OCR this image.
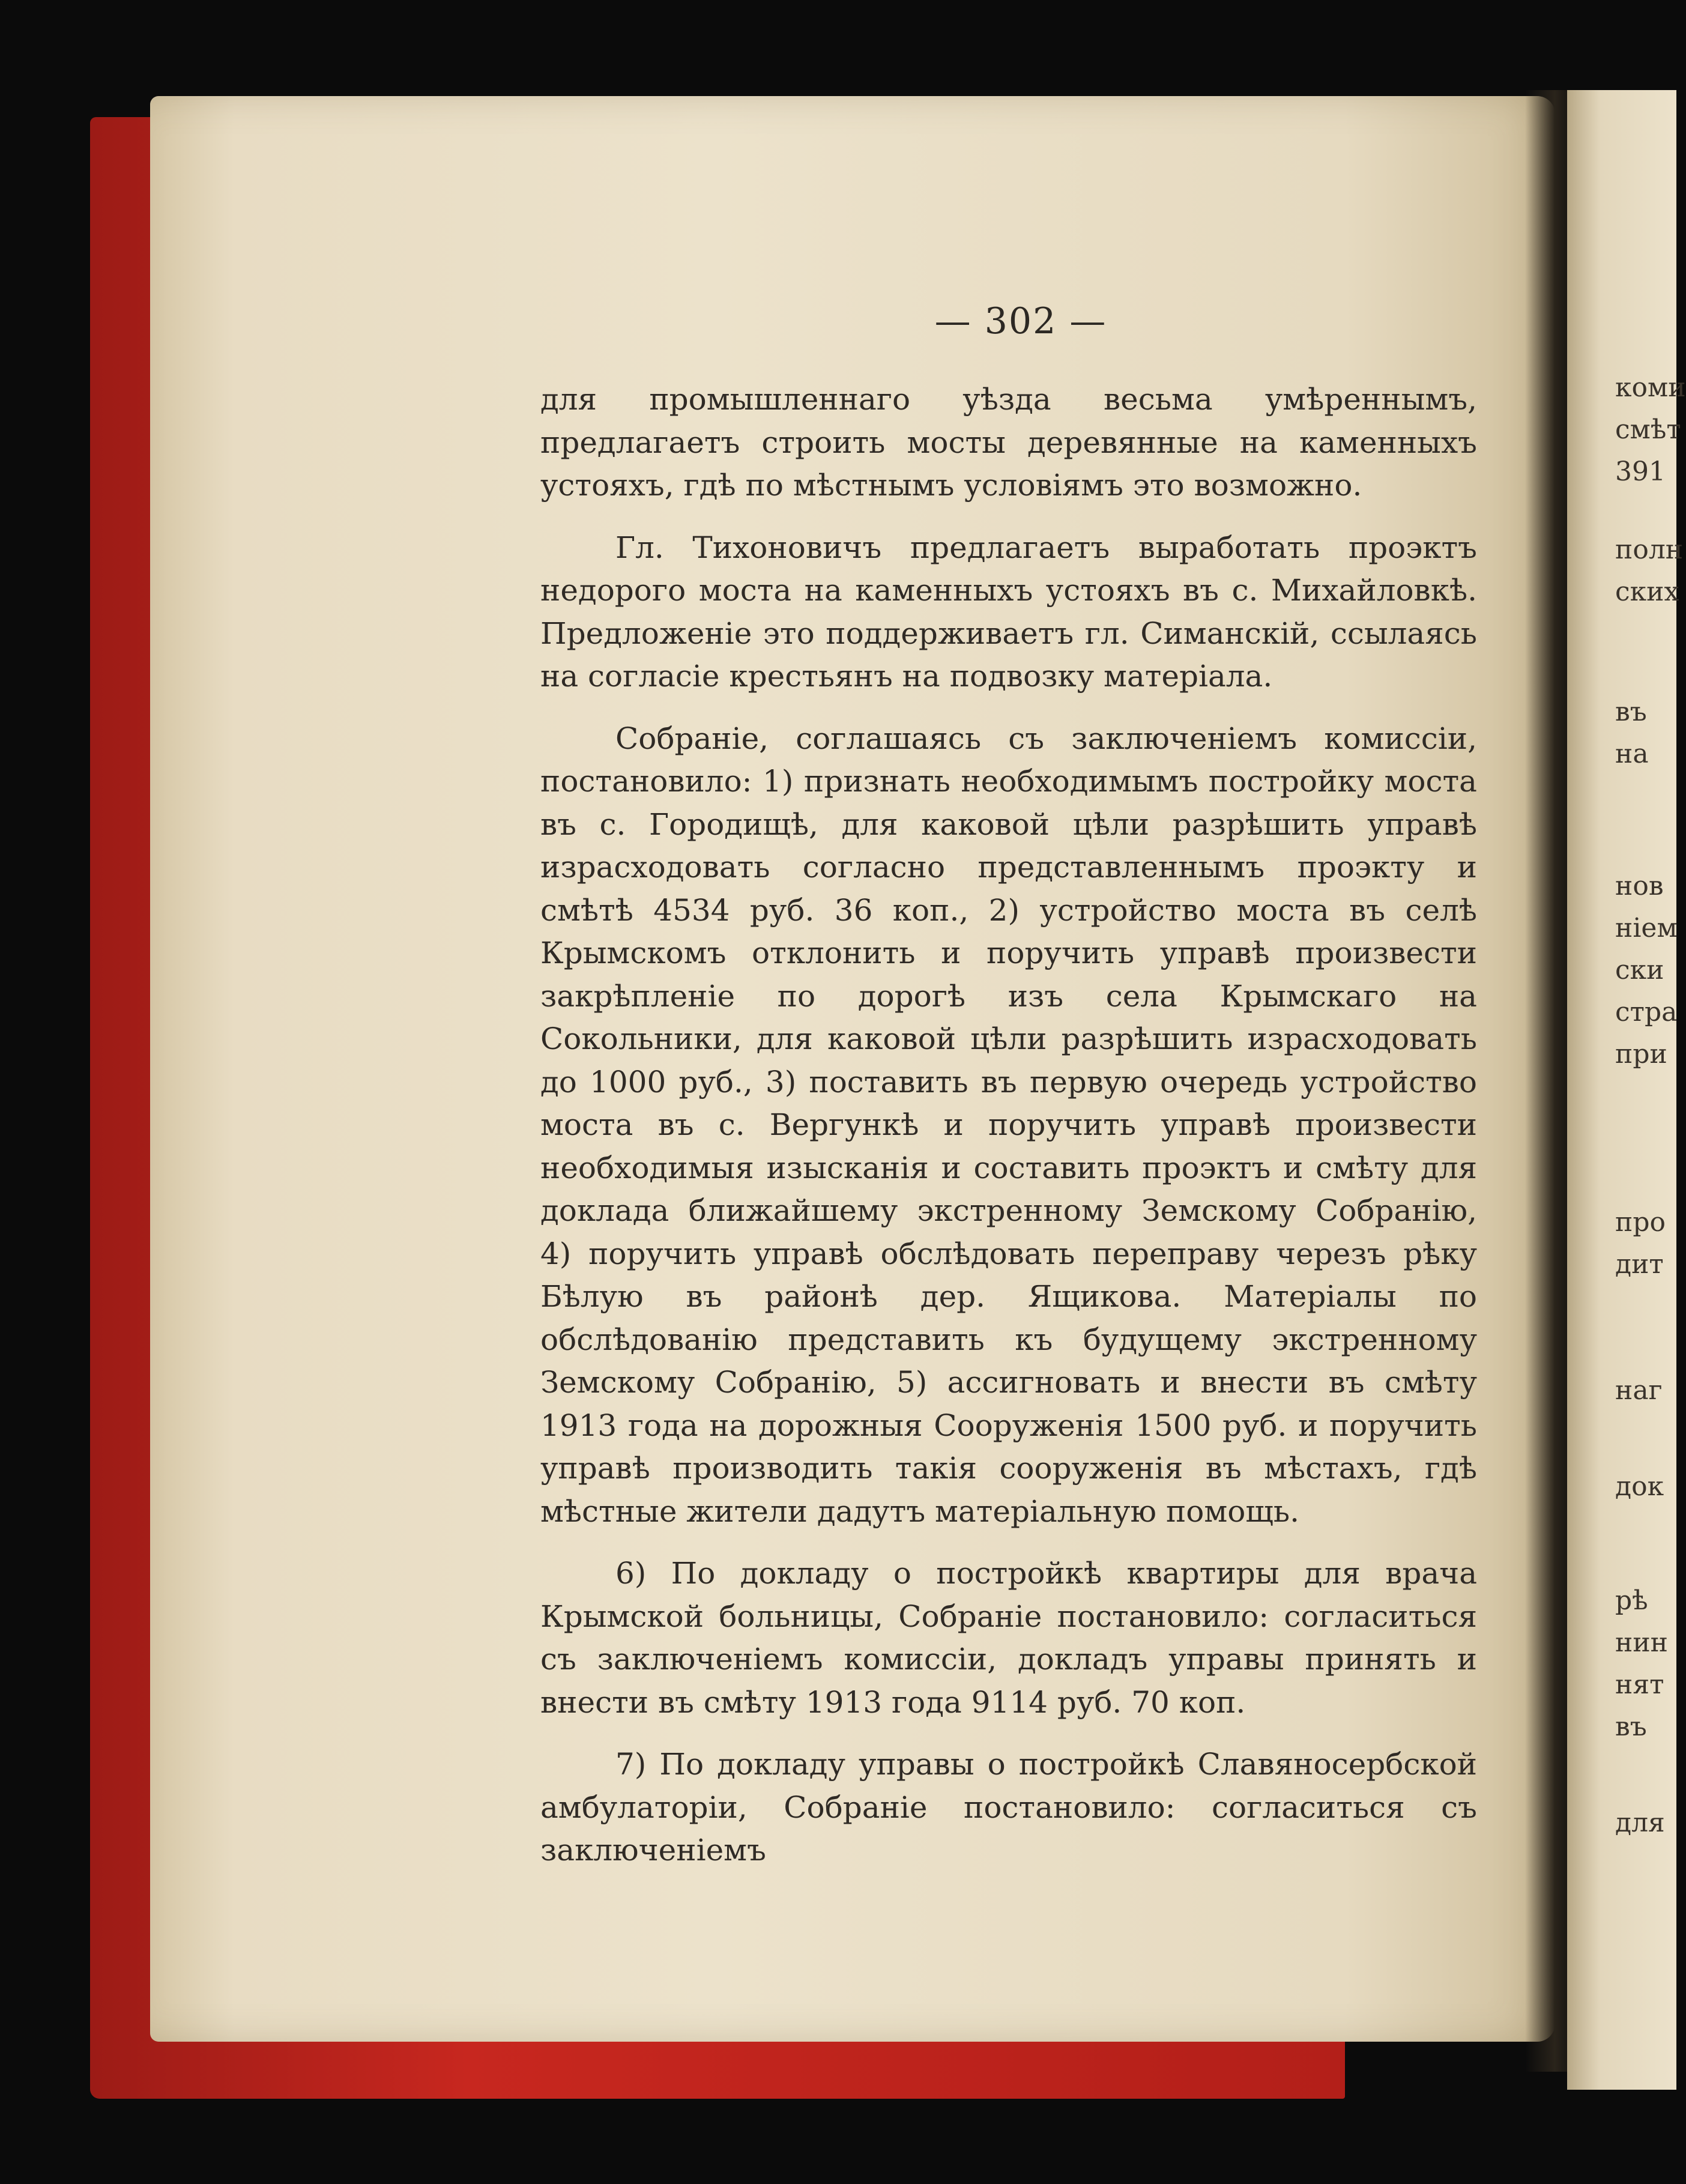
коми
смѣт
391
полн
ских
въ
на
нов
ніем
ски
стра
при
про
дит
наг
док
рѣ
нин
нят
въ
для
— 302 —

для промышленнаго уѣзда весьма умѣреннымъ, предлагаетъ строить мосты деревянные на каменныхъ устояхъ, гдѣ по мѣстнымъ условіямъ это возможно.

Гл. Тихоновичъ предлагаетъ выработать проэктъ недорого моста на каменныхъ устояхъ въ с. Михайловкѣ. Предложеніе это поддерживаетъ гл. Симанскій, ссылаясь на согласіе крестьянъ на подвозку матеріала.

Собраніе, соглашаясь съ заключеніемъ комиссіи, постановило: 1) признать необходимымъ постройку моста въ с. Городищѣ, для каковой цѣли разрѣшить управѣ израсходовать согласно представленнымъ проэкту и смѣтѣ 4534 руб. 36 коп., 2) устройство моста въ селѣ Крымскомъ отклонить и поручить управѣ произвести закрѣпленіе по дорогѣ изъ села Крымскаго на Сокольники, для каковой цѣли разрѣшить израсходовать до 1000 руб., 3) поставить въ первую очередь устройство моста въ с. Вергункѣ и поручить управѣ произвести необходимыя изысканія и составить проэктъ и смѣту для доклада ближайшему экстренному Земскому Собранію, 4) поручить управѣ обслѣдовать переправу черезъ рѣку Бѣлую въ районѣ дер. Ящикова. Матеріалы по обслѣдованію представить къ будущему экстренному Земскому Собранію, 5) ассигновать и внести въ смѣту 1913 года на дорожныя Сооруженія 1500 руб. и поручить управѣ производить такія сооруженія въ мѣстахъ, гдѣ мѣстные жители дадутъ матеріальную помощь.

6) По докладу о постройкѣ квартиры для врача Крымской больницы, Собраніе постановило: согласиться съ заключеніемъ комиссіи, докладъ управы принять и внести въ смѣту 1913 года 9114 руб. 70 коп.

7) По докладу управы о постройкѣ Славяносербской амбулаторіи, Собраніе постановило: согласиться съ заключеніемъ
